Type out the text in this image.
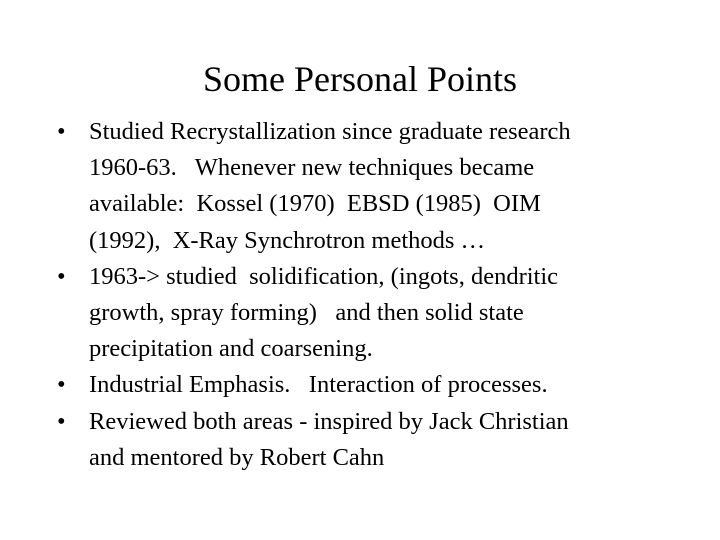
Some Personal Points
• Studied Recrystallization since graduate research
1960-63.   Whenever new techniques became
available:  Kossel (1970)  EBSD (1985)  OIM
(1992),  X-Ray Synchrotron methods …
• 1963-> studied  solidification, (ingots, dendritic
growth, spray forming)   and then solid state
precipitation and coarsening.
• Industrial Emphasis.   Interaction of processes.
• Reviewed both areas - inspired by Jack Christian
and mentored by Robert Cahn
